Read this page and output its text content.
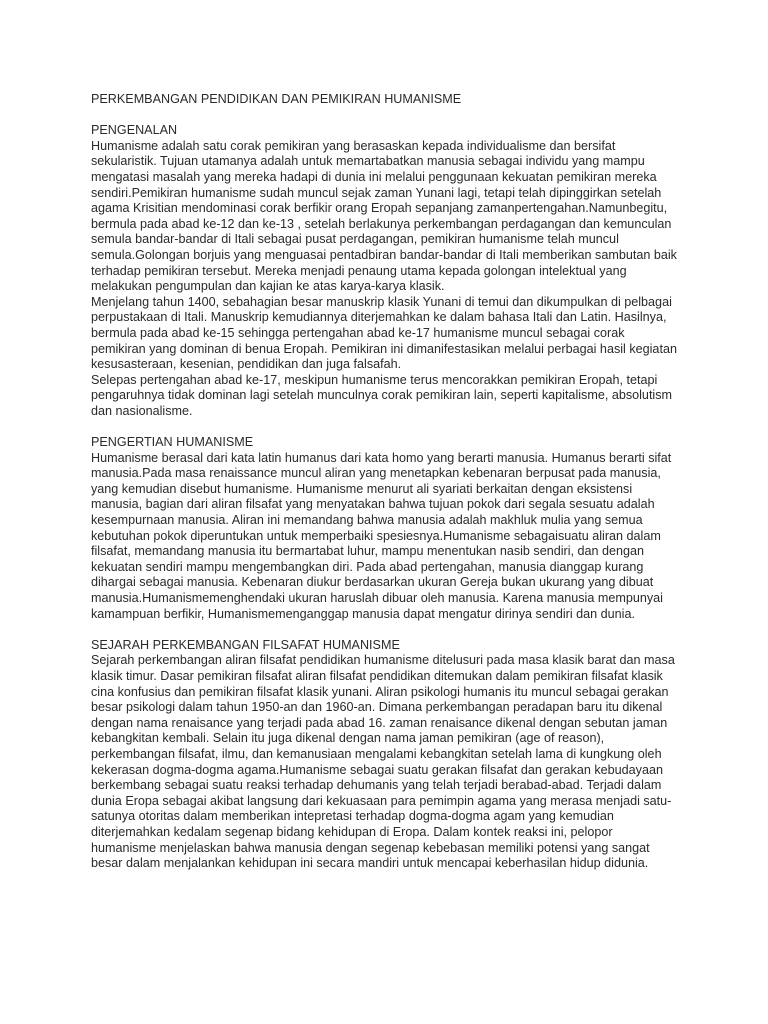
PERKEMBANGAN PENDIDIKAN DAN PEMIKIRAN HUMANISME
PENGENALAN

Humanisme adalah satu corak pemikiran yang berasaskan kepada individualisme dan bersifat sekularistik. Tujuan utamanya adalah untuk memartabatkan manusia sebagai individu yang mampu mengatasi masalah yang mereka hadapi di dunia ini melalui penggunaan kekuatan pemikiran mereka sendiri.Pemikiran humanisme sudah muncul sejak zaman Yunani lagi, tetapi telah dipinggirkan setelah agama Krisitian mendominasi corak berfikir orang Eropah sepanjang zamanpertengahan.Namunbegitu, bermula pada abad ke-12 dan ke-13 , setelah berlakunya perkembangan perdagangan dan kemunculan semula bandar-bandar di Itali sebagai pusat perdagangan, pemikiran humanisme telah muncul semula.Golongan borjuis yang menguasai pentadbiran bandar-bandar di Itali memberikan sambutan baik terhadap pemikiran tersebut. Mereka menjadi penaung utama kepada golongan intelektual yang melakukan pengumpulan dan kajian ke atas karya-karya klasik.

Menjelang tahun 1400, sebahagian besar manuskrip klasik Yunani di temui dan dikumpulkan di pelbagai perpustakaan di Itali. Manuskrip kemudiannya diterjemahkan ke dalam bahasa Itali dan Latin. Hasilnya, bermula pada abad ke-15 sehingga pertengahan abad ke-17 humanisme muncul sebagai corak pemikiran yang dominan di benua Eropah. Pemikiran ini dimanifestasikan melalui perbagai hasil kegiatan kesusasteraan, kesenian, pendidikan dan juga falsafah.

Selepas pertengahan abad ke-17, meskipun humanisme terus mencorakkan pemikiran Eropah, tetapi pengaruhnya tidak dominan lagi setelah munculnya corak pemikiran lain, seperti kapitalisme, absolutism dan nasionalisme.

PENGERTIAN HUMANISME

Humanisme berasal dari kata latin humanus dari kata homo yang berarti manusia. Humanus berarti sifat manusia.Pada masa renaissance muncul aliran yang menetapkan kebenaran berpusat pada manusia, yang kemudian disebut humanisme. Humanisme menurut ali syariati berkaitan dengan eksistensi manusia, bagian dari aliran filsafat yang menyatakan bahwa tujuan pokok dari segala sesuatu adalah kesempurnaan manusia. Aliran ini memandang bahwa manusia adalah makhluk mulia yang semua kebutuhan pokok diperuntukan untuk memperbaiki spesiesnya.Humanisme sebagaisuatu aliran dalam filsafat, memandang manusia itu bermartabat luhur, mampu menentukan nasib sendiri, dan dengan kekuatan sendiri mampu mengembangkan diri. Pada abad pertengahan, manusia dianggap kurang dihargai sebagai manusia. Kebenaran diukur berdasarkan ukuran Gereja bukan ukurang yang dibuat manusia.Humanismemenghendaki ukuran haruslah dibuar oleh manusia. Karena manusia mempunyai kamampuan berfikir, Humanismemenganggap manusia dapat mengatur dirinya sendiri dan dunia.

SEJARAH PERKEMBANGAN FILSAFAT HUMANISME

Sejarah perkembangan aliran filsafat pendidikan humanisme ditelusuri pada masa klasik barat dan masa klasik timur. Dasar pemikiran filsafat aliran filsafat pendidikan ditemukan dalam pemikiran filsafat klasik cina konfusius dan pemikiran filsafat klasik yunani. Aliran psikologi humanis itu muncul sebagai gerakan besar psikologi dalam tahun 1950-an dan 1960-an. Dimana perkembangan peradapan baru itu dikenal dengan nama renaisance yang terjadi pada abad 16. zaman renaisance dikenal dengan sebutan jaman kebangkitan kembali. Selain itu juga dikenal dengan nama jaman pemikiran (age of reason), perkembangan filsafat, ilmu, dan kemanusiaan mengalami kebangkitan setelah lama di kungkung oleh kekerasan dogma-dogma agama.Humanisme sebagai suatu gerakan filsafat dan gerakan kebudayaan berkembang sebagai suatu reaksi terhadap dehumanis yang telah terjadi berabad-abad. Terjadi dalam dunia Eropa sebagai akibat langsung dari kekuasaan para pemimpin agama yang merasa menjadi satu-satunya otoritas dalam memberikan intepretasi terhadap dogma-dogma agam yang kemudian diterjemahkan kedalam segenap bidang kehidupan di Eropa. Dalam kontek reaksi ini, pelopor humanisme menjelaskan bahwa manusia dengan segenap kebebasan memiliki potensi yang sangat besar dalam menjalankan kehidupan ini secara mandiri untuk mencapai keberhasilan hidup didunia.
